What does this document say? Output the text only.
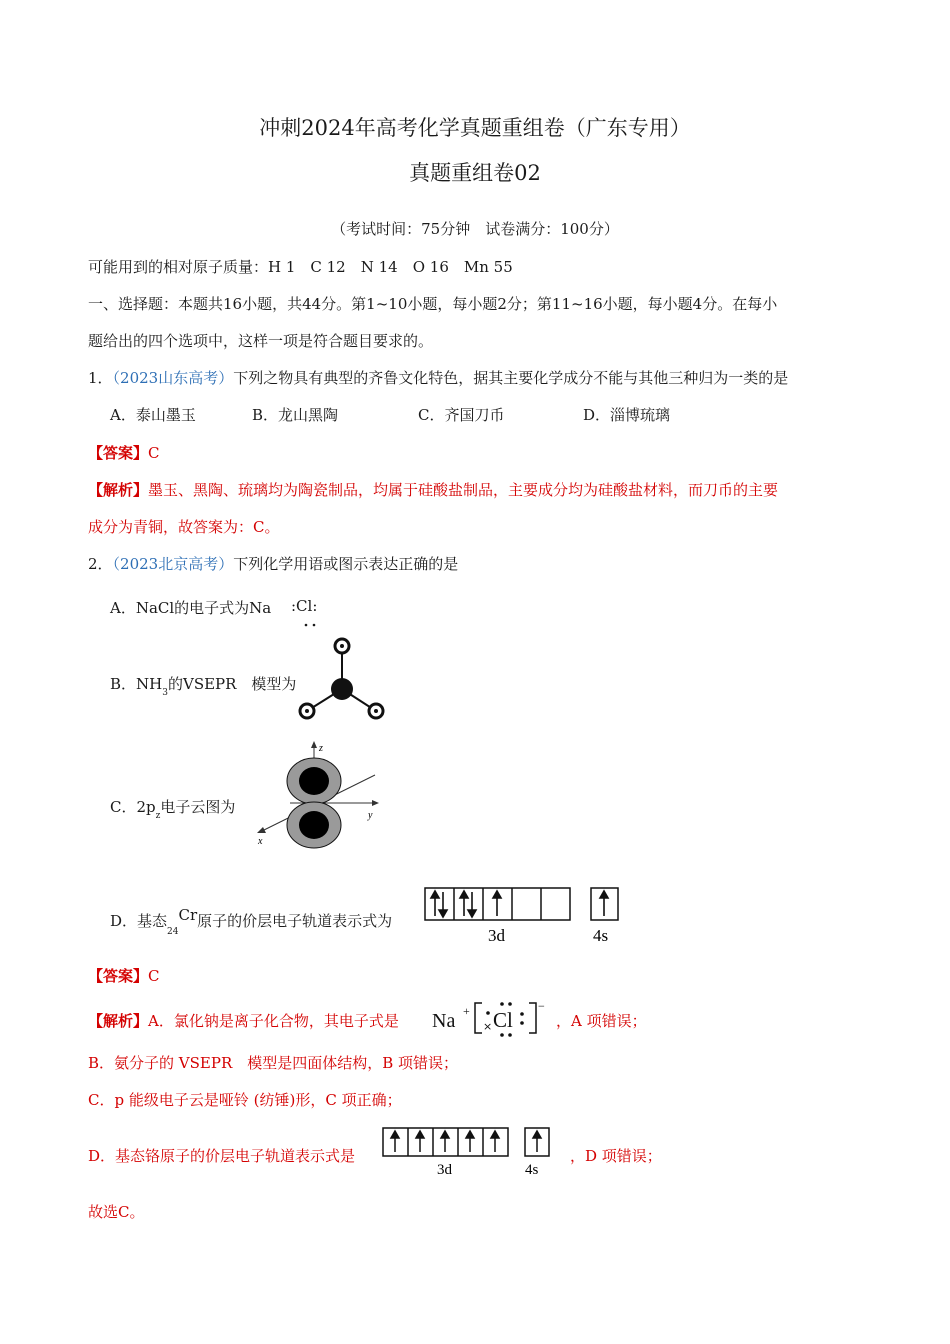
冲刺2024年高考化学真题重组卷（广东专用）
真题重组卷02
（考试时间：75分钟　试卷满分：100分）
可能用到的相对原子质量：H 1　C 12　N 14　O 16　Mn 55
一、选择题：本题共16小题，共44分。第1~10小题，每小题2分；第11~16小题，每小题4分。在每小
题给出的四个选项中，这样一项是符合题目要求的。
1．（2023山东高考）下列之物具有典型的齐鲁文化特色，据其主要化学成分不能与其他三种归为一类的是
A．泰山墨玉	B．龙山黑陶	C．齐国刀币	D．淄博琉璃
【答案】C
【解析】墨玉、黑陶、琉璃均为陶瓷制品，均属于硅酸盐制品，主要成分均为硅酸盐材料，而刀币的主要
成分为青铜，故答案为：C。
2．（2023北京高考）下列化学用语或图示表达正确的是
A．NaCl的电子式为Na :Cl:
B．$NH_3$的VSEPR　模型为
C．$2p_z$电子云图为
z
y
x
D．基态$_{24}$Cr原子的价层电子轨道表示式为
3d	4s
【答案】C
【解析】A．氯化钠是离子化合物，其电子式是 Na + Cl
×
−
，A 项错误；
B．氨分子的 VSEPR　模型是四面体结构，B 项错误；
C．p 能级电子云是哑铃 (纺锤)形，C 项正确；
D．基态铬原子的价层电子轨道表示式是
3d	4s
，D 项错误；
故选C。
